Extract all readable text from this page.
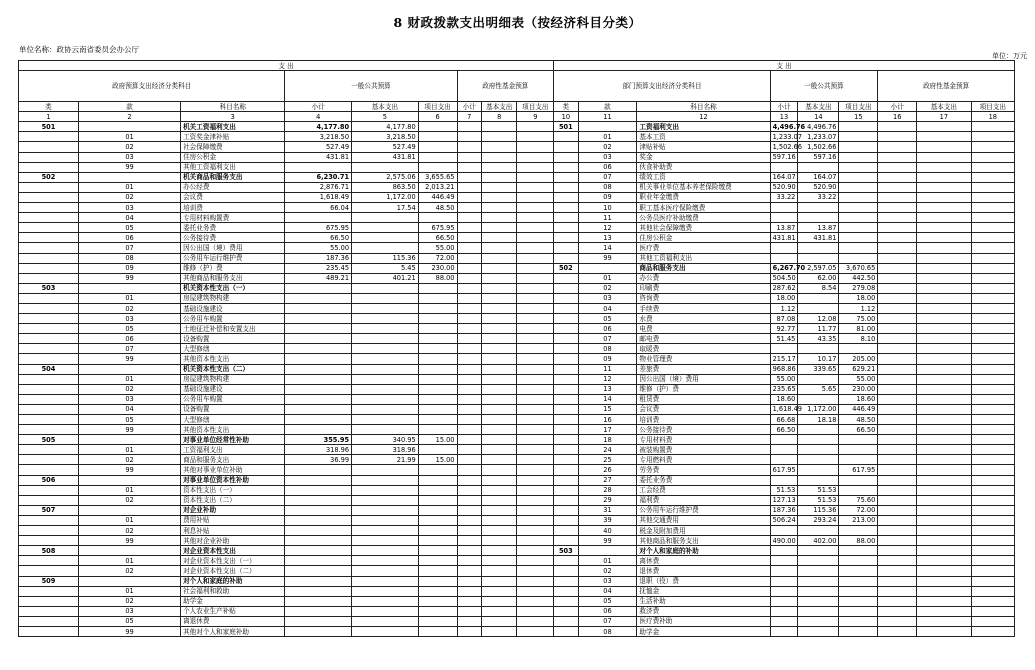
8 财政拨款支出明细表（按经济科目分类）
单位名称：政协云南省委员会办公厅
单位：万元
支 出									支 出								
政府预算支出经济分类科目			一般公共预算			政府性基金预算			部门预算支出经济分类科目			一般公共预算			政府性基金预算		
类	款	科目名称	小计	基本支出	项目支出	小计	基本支出	项目支出	类	款	科目名称	小计	基本支出	项目支出	小计	基本支出	项目支出
1	2	3	4	5	6	7	8	9	10	11	12	13	14	15	16	17	18
501		机关工资福利支出	4,177.80	4,177.80					501		工资福利支出	4,496.76	4,496.76				
	01	工资奖金津补贴	3,218.50	3,218.50						01	基本工资	1,233.07	1,233.07				
	02	社会保障缴费	527.49	527.49						02	津贴补贴	1,502.66	1,502.66				
	03	住房公积金	431.81	431.81						03	奖金	597.16	597.16				
	99	其他工资福利支出								06	伙食补助费						
502		机关商品和服务支出	6,230.71	2,575.06	3,655.65					07	绩效工资	164.07	164.07				
	01	办公经费	2,876.71	863.50	2,013.21					08	机关事业单位基本养老保险缴费	520.90	520.90				
	02	会议费	1,618.49	1,172.00	446.49					09	职业年金缴费	33.22	33.22				
	03	培训费	66.04	17.54	48.50					10	职工基本医疗保险缴费						
	04	专用材料购置费								11	公务员医疗补助缴费						
	05	委托业务费	675.95		675.95					12	其他社会保障缴费	13.87	13.87				
	06	公务接待费	66.50		66.50					13	住房公积金	431.81	431.81				
	07	因公出国（境）费用	55.00		55.00					14	医疗费						
	08	公务用车运行维护费	187.36	115.36	72.00					99	其他工资福利支出						
	09	维修（护）费	235.45	5.45	230.00				502		商品和服务支出	6,267.70	2,597.05	3,670.65			
	99	其他商品和服务支出	489.21	401.21	88.00					01	办公费	504.50	62.00	442.50			
503		机关资本性支出（一）								02	印刷费	287.62	8.54	279.08			
	01	房屋建筑物构建								03	咨询费	18.00		18.00			
	02	基础设施建设								04	手续费	1.12		1.12			
	03	公务用车购置								05	水费	87.08	12.08	75.00			
	05	土地征迁补偿和安置支出								06	电费	92.77	11.77	81.00			
	06	设备购置								07	邮电费	51.45	43.35	8.10			
	07	大型修缮								08	取暖费						
	99	其他资本性支出								09	物业管理费	215.17	10.17	205.00			
504		机关资本性支出（二）								11	差旅费	968.86	339.65	629.21			
	01	房屋建筑物构建								12	因公出国（境）费用	55.00		55.00			
	02	基础设施建设								13	维修（护）费	235.65	5.65	230.00			
	03	公务用车购置								14	租赁费	18.60		18.60			
	04	设备购置								15	会议费	1,618.49	1,172.00	446.49			
	05	大型修缮								16	培训费	66.68	18.18	48.50			
	99	其他资本性支出								17	公务接待费	66.50		66.50			
505		对事业单位经常性补助	355.95	340.95	15.00					18	专用材料费						
	01	工资福利支出	318.96	318.96						24	被装购置费						
	02	商品和服务支出	36.99	21.99	15.00					25	专用燃料费						
	99	其他对事业单位补助								26	劳务费	617.95		617.95			
506		对事业单位资本性补助								27	委托业务费						
	01	资本性支出（一）								28	工会经费	51.53	51.53				
	02	资本性支出（二）								29	福利费	127.13	51.53	75.60			
507		对企业补助								31	公务用车运行维护费	187.36	115.36	72.00			
	01	费用补贴								39	其他交通费用	506.24	293.24	213.00			
	02	利息补贴								40	税金及附加费用						
	99	其他对企业补助								99	其他商品和服务支出	490.00	402.00	88.00			
508		对企业资本性支出							503		对个人和家庭的补助						
	01	对企业资本性支出（一）								01	离休费						
	02	对企业资本性支出（二）								02	退休费						
509		对个人和家庭的补助								03	退职（役）费						
	01	社会福利和救助								04	抚恤金						
	02	助学金								05	生活补助						
	03	个人农业生产补贴								06	救济费						
	05	离退休费								07	医疗费补助						
	99	其他对个人和家庭补助								08	助学金						
